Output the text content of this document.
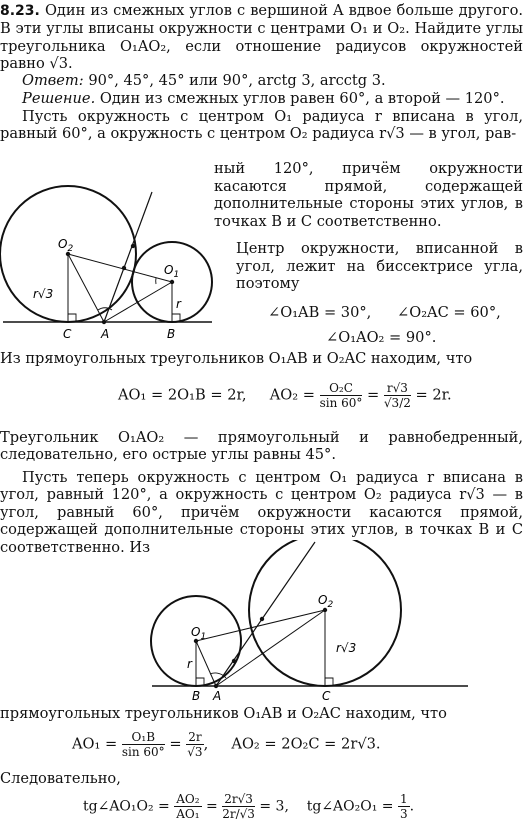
8.23. Один из смежных углов с вершиной A вдвое больше другого. В эти углы вписаны окружности с центрами O₁ и O₂. Найдите углы треугольника O₁AO₂, если отношение радиусов окружностей равно √3.
Ответ: 90°, 45°, 45° или 90°, arctg 3, arcctg 3.
Решение. Один из смежных углов равен 60°, а второй — 120°.
Пусть окружность с центром O₁ радиуса r вписана в угол, равный 60°, а окружность с центром O₂ радиуса r√3 — в угол, рав-
ный 120°, причём окружности касаются прямой, содержащей дополнительные стороны этих углов, в точках B и C соответственно.
Центр окружности, вписанной в угол, лежит на биссектрисе угла, поэтому
∠O₁AB = 30°, ∠O₂AC = 60°,
∠O₁AO₂ = 90°.
$O_2$
$O_1$
r√3
r
C A	B
Из прямоугольных треугольников O₁AB и O₂AC находим, что
AO₁ = 2O₁B = 2r, $AO_2 = \frac{\text{O₂C}}{\sin 60^\circ} = \frac{r√3}{√3/2} = 2r$.
Треугольник O₁AO₂ — прямоугольный и равнобедренный, следовательно, его острые углы равны 45°.
Пусть теперь окружность с центром O₁ радиуса r вписана в угол, равный 120°, а окружность с центром O₂ радиуса r√3 — в угол, равный 60°, причём окружности касаются прямой, содержащей дополнительные стороны этих углов, в точках B и C соответственно. Из
$O_1$
$O_2$
r
r√3
B A	C
прямоугольных треугольников O₁AB и O₂AC находим, что
$AO_1 = \frac{\text{O₁B}}{\sin 60^\circ} = \frac{2r}{√3}$ , AO₂ = 2O₂C = 2r√3.
Следовательно,
tg∠AO₁O₂ = $\frac{\text{AO₂}}{\text{AO₁}} = \frac{2r√3}{2r/√3} = 3$, tg∠AO₂O₁ = $\frac{1}{3}$ .
